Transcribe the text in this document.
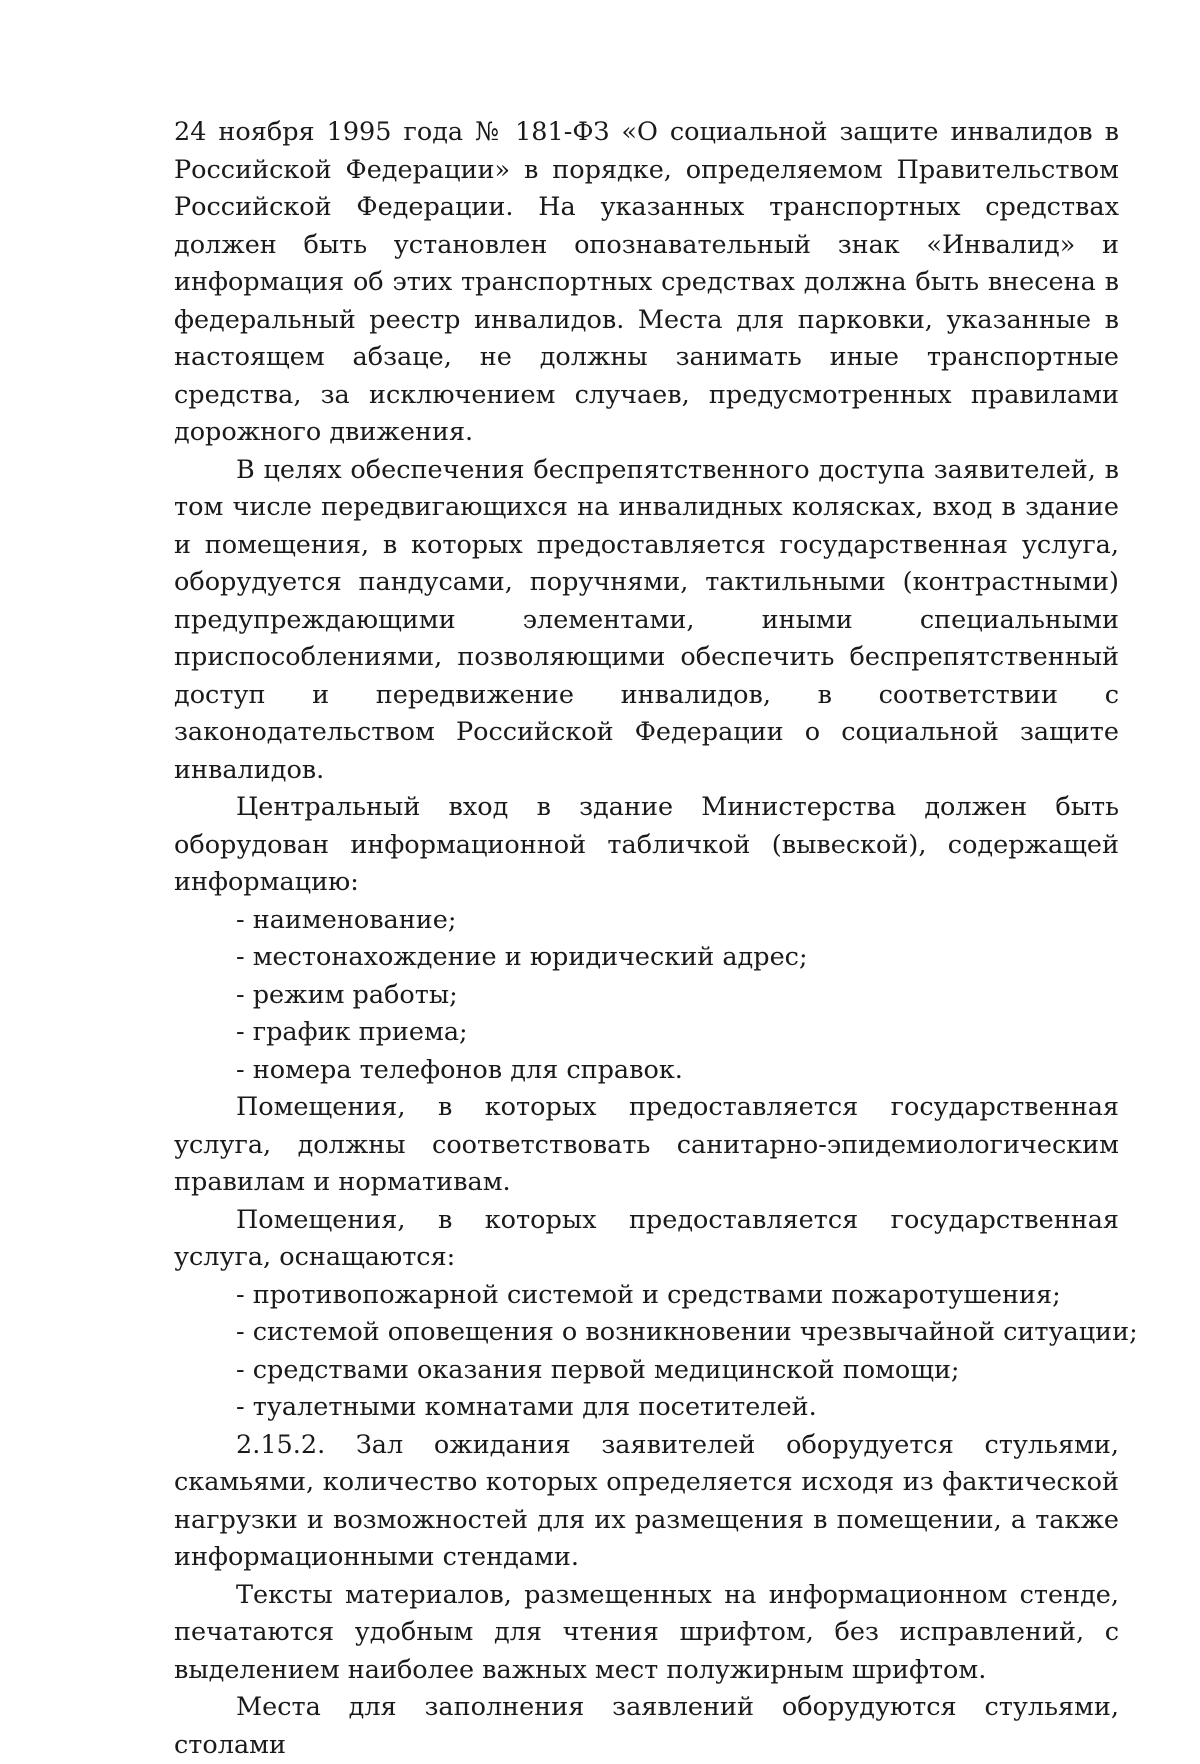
24 ноября 1995 года № 181-ФЗ «О социальной защите инвалидов в Российской Федерации» в порядке, определяемом Правительством Российской Федерации. На указанных транспортных средствах должен быть установлен опознавательный знак «Инвалид» и информация об этих транспортных средствах должна быть внесена в федеральный реестр инвалидов. Места для парковки, указанные в настоящем абзаце, не должны занимать иные транспортные средства, за исключением случаев, предусмотренных правилами дорожного движения.
В целях обеспечения беспрепятственного доступа заявителей, в том числе передвигающихся на инвалидных колясках, вход в здание и помещения, в которых предоставляется государственная услуга, оборудуется пандусами, поручнями, тактильными (контрастными) предупреждающими элементами, иными специальными приспособлениями, позволяющими обеспечить беспрепятственный доступ и передвижение инвалидов, в соответствии с законодательством Российской Федерации о социальной защите инвалидов.
Центральный вход в здание Министерства должен быть оборудован информационной табличкой (вывеской), содержащей информацию:
- наименование;
- местонахождение и юридический адрес;
- режим работы;
- график приема;
- номера телефонов для справок.
Помещения, в которых предоставляется государственная услуга, должны соответствовать санитарно-эпидемиологическим правилам и нормативам.
Помещения, в которых предоставляется государственная услуга, оснащаются:
- противопожарной системой и средствами пожаротушения;
- системой оповещения о возникновении чрезвычайной ситуации;
- средствами оказания первой медицинской помощи;
- туалетными комнатами для посетителей.
2.15.2. Зал ожидания заявителей оборудуется стульями, скамьями, количество которых определяется исходя из фактической нагрузки и возможностей для их размещения в помещении, а также информационными стендами.
Тексты материалов, размещенных на информационном стенде, печатаются удобным для чтения шрифтом, без исправлений, с выделением наиболее важных мест полужирным шрифтом.
Места для заполнения заявлений оборудуются стульями, столами
